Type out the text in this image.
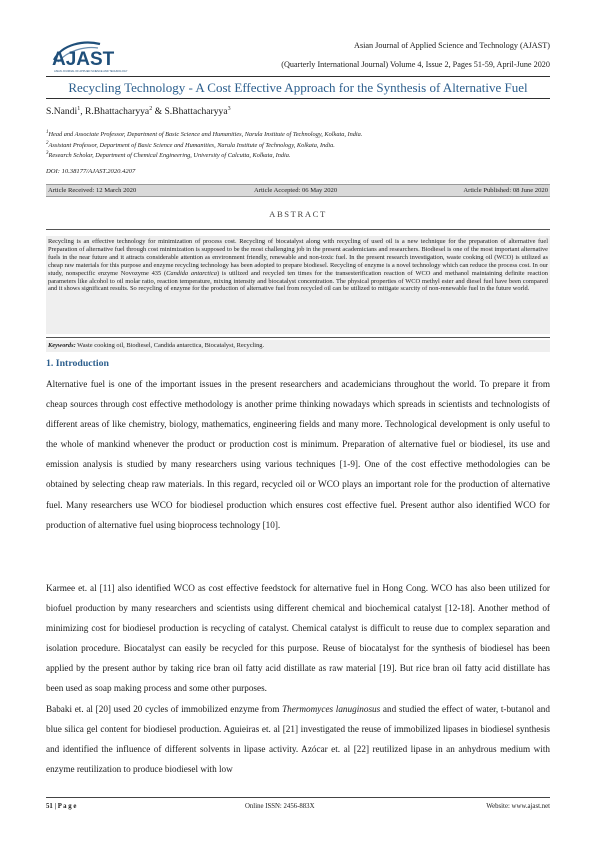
AJAST
ASIAN JOURNAL OF APPLIED SCIENCE AND TECHNOLOGY
Asian Journal of Applied Science and Technology (AJAST)
(Quarterly International Journal) Volume 4, Issue 2, Pages 51-59, April-June 2020
Recycling Technology - A Cost Effective Approach for the Synthesis of Alternative Fuel
S.Nandi$^1$, R.Bhattacharyya$^2$ & S.Bhattacharyya$^3$
$^1$Head and Associate Professor, Department of Basic Science and Humanities, Narula Institute of Technology, Kolkata, India.
$^2$Assistant Professor, Department of Basic Science and Humanities, Narula Institute of Technology, Kolkata, India.
$^3$Research Scholar, Department of Chemical Engineering, University of Calcutta, Kolkata, India.
DOI: 10.38177/AJAST.2020.4207
Article Received: 12 March 2020	Article Accepted: 06 May 2020	Article Published: 08 June 2020
ABSTRACT
Recycling is an effective technology for minimization of process cost. Recycling of biocatalyst along with recycling of used oil is a new technique for the preparation of alternative fuel Preparation of alternative fuel through cost minimization is supposed to be the most challenging job in the present academicians and researchers. Biodiesel is one of the most important alternative fuels in the near future and it attracts considerable attention as environment friendly, renewable and non-toxic fuel. In the present research investigation, waste cooking oil (WCO) is utilized as cheap raw materials for this purpose and enzyme recycling technology has been adopted to prepare biodiesel. Recycling of enzyme is a novel technology which can reduce the process cost. In our study, nonspecific enzyme Novozyme 435 (Candida antarctica) is utilized and recycled ten times for the transesterification reaction of WCO and methanol maintaining definite reaction parameters like alcohol to oil molar ratio, reaction temperature, mixing intensity and biocatalyst concentration. The physical properties of WCO methyl ester and diesel fuel have been compared and it shows significant results. So recycling of enzyme for the production of alternative fuel from recycled oil can be utilized to mitigate scarcity of non-renewable fuel in the future world.
Keywords: Waste cooking oil, Biodiesel, Candida antarctica, Biocatalyst, Recycling.
1. Introduction
Alternative fuel is one of the important issues in the present researchers and academicians throughout the world. To prepare it from cheap sources through cost effective methodology is another prime thinking nowadays which spreads in scientists and technologists of different areas of like chemistry, biology, mathematics, engineering fields and many more. Technological development is only useful to the whole of mankind whenever the product or production cost is minimum. Preparation of alternative fuel or biodiesel, its use and emission analysis is studied by many researchers using various techniques [1-9]. One of the cost effective methodologies can be obtained by selecting cheap raw materials. In this regard, recycled oil or WCO plays an important role for the production of alternative fuel. Many researchers use WCO for biodiesel production which ensures cost effective fuel. Present author also identified WCO for production of alternative fuel using bioprocess technology [10].
Karmee et. al [11] also identified WCO as cost effective feedstock for alternative fuel in Hong Cong. WCO has also been utilized for biofuel production by many researchers and scientists using different chemical and biochemical catalyst [12-18]. Another method of minimizing cost for biodiesel production is recycling of catalyst. Chemical catalyst is difficult to reuse due to complex separation and isolation procedure. Biocatalyst can easily be recycled for this purpose. Reuse of biocatalyst for the synthesis of biodiesel has been applied by the present author by taking rice bran oil fatty acid distillate as raw material [19]. But rice bran oil fatty acid distillate has been used as soap making process and some other purposes.
Babaki et. al [20] used 20 cycles of immobilized enzyme from Thermomyces lanuginosus and studied the effect of water, t-butanol and blue silica gel content for biodiesel production. Aguieiras et. al [21] investigated the reuse of immobilized lipases in biodiesel synthesis and identified the influence of different solvents in lipase activity. Azócar et. al [22] reutilized lipase in an anhydrous medium with enzyme reutilization to produce biodiesel with low
51 | P a g e	Online ISSN: 2456-883X	Website: www.ajast.net
